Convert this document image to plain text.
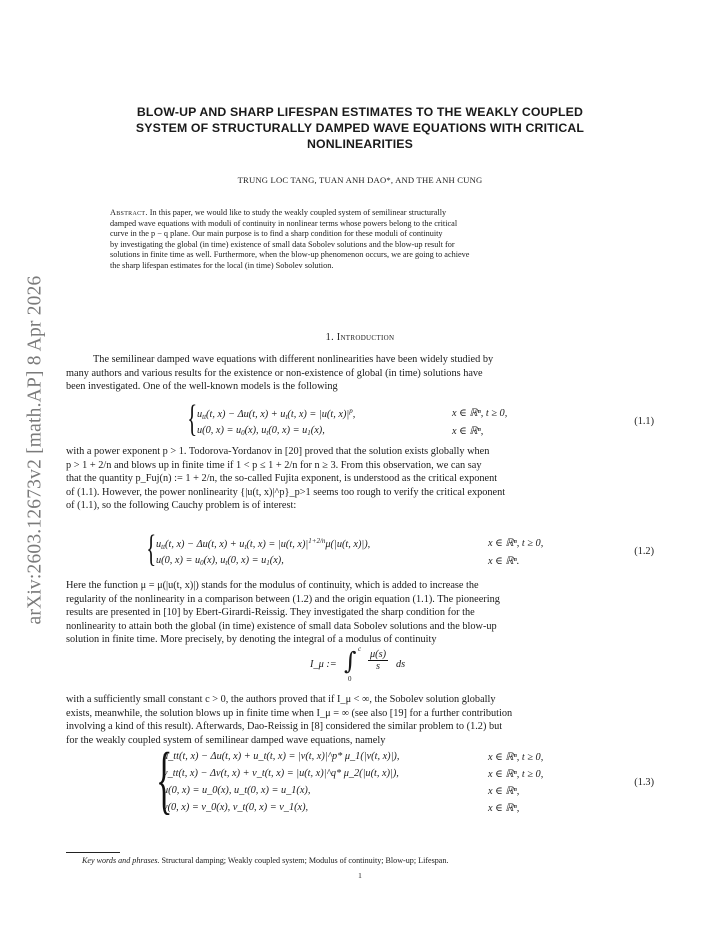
arXiv:2603.12673v2 [math.AP] 8 Apr 2026
BLOW-UP AND SHARP LIFESPAN ESTIMATES TO THE WEAKLY COUPLED
SYSTEM OF STRUCTURALLY DAMPED WAVE EQUATIONS WITH CRITICAL
NONLINEARITIES
TRUNG LOC TANG, TUAN ANH DAO*, AND THE ANH CUNG
Abstract. In this paper, we would like to study the weakly coupled system of semilinear structurally
damped wave equations with moduli of continuity in nonlinear terms whose powers belong to the critical
curve in the p − q plane. Our main purpose is to find a sharp condition for these moduli of continuity
by investigating the global (in time) existence of small data Sobolev solutions and the blow-up result for
solutions in finite time as well. Furthermore, when the blow-up phenomenon occurs, we are going to achieve
the sharp lifespan estimates for the local (in time) Sobolev solution.
1. Introduction
The semilinear damped wave equations with different nonlinearities have been widely studied by
many authors and various results for the existence or non-existence of global (in time) solutions have
been investigated. One of the well-known models is the following
{ utt(t, x) − Δu(t, x) + ut(t, x) = |u(t, $x)|^p$,
u(0, x) = u0(x), ut(0, x) = u1(x),
x ∈ ℝⁿ, t ≥ 0,
x ∈ ℝⁿ,
(1.1)
with a power exponent p > 1. Todorova-Yordanov in [20] proved that the solution exists globally when
p > 1 + 2/n and blows up in finite time if 1 < p ≤ 1 + 2/n for n ≥ 3. From this observation, we can say
that the quantity p_Fuj(n) := 1 + 2/n, the so-called Fujita exponent, is understood as the critical exponent
of (1.1). However, the power nonlinearity {|u(t, x)|^p}_p>1 seems too rough to verify the critical exponent
of (1.1), so the following Cauchy problem is of interest:
{ utt(t, x) − Δu(t, x) + ut(t, x) = |u(t, $x)|^{1+2/n}\mu(|u(t$, x)|),
u(0, x) = u0(x), ut(0, x) = u1(x),
x ∈ ℝⁿ, t ≥ 0,
x ∈ ℝⁿ.
(1.2)
Here the function μ = μ(|u(t, x)|) stands for the modulus of continuity, which is added to increase the
regularity of the nonlinearity in a comparison between (1.2) and the origin equation (1.1). The pioneering
results are presented in [10] by Ebert-Girardi-Reissig. They investigated the sharp condition for the
nonlinearity to attain both the global (in time) existence of small data Sobolev solutions and the blow-up
solution in finite time. More precisely, by denoting the integral of a modulus of continuity
I_μ := ∫ c
0
$\frac{\mu(s)}{s}$ ds
with a sufficiently small constant c > 0, the authors proved that if I_μ < ∞, the Sobolev solution globally
exists, meanwhile, the solution blows up in finite time when I_μ = ∞ (see also [19] for a further contribution
involving a kind of this result). Afterwards, Dao-Reissig in [8] considered the similar problem to (1.2) but
for the weakly coupled system of semilinear damped wave equations, namely
{
u_tt(t, x) − Δu(t, x) + u_t(t, x) = |v(t, x)|^p* μ_1(|v(t, x)|),
v_tt(t, x) − Δv(t, x) + v_t(t, x) = |u(t, x)|^q* μ_2(|u(t, x)|),
u(0, x) = u_0(x), u_t(0, x) = u_1(x),
v(0, x) = v_0(x), v_t(0, x) = v_1(x),
x ∈ ℝⁿ, t ≥ 0,
x ∈ ℝⁿ, t ≥ 0,
x ∈ ℝⁿ,
x ∈ ℝⁿ,
(1.3)
Key words and phrases. Structural damping; Weakly coupled system; Modulus of continuity; Blow-up; Lifespan.
1
